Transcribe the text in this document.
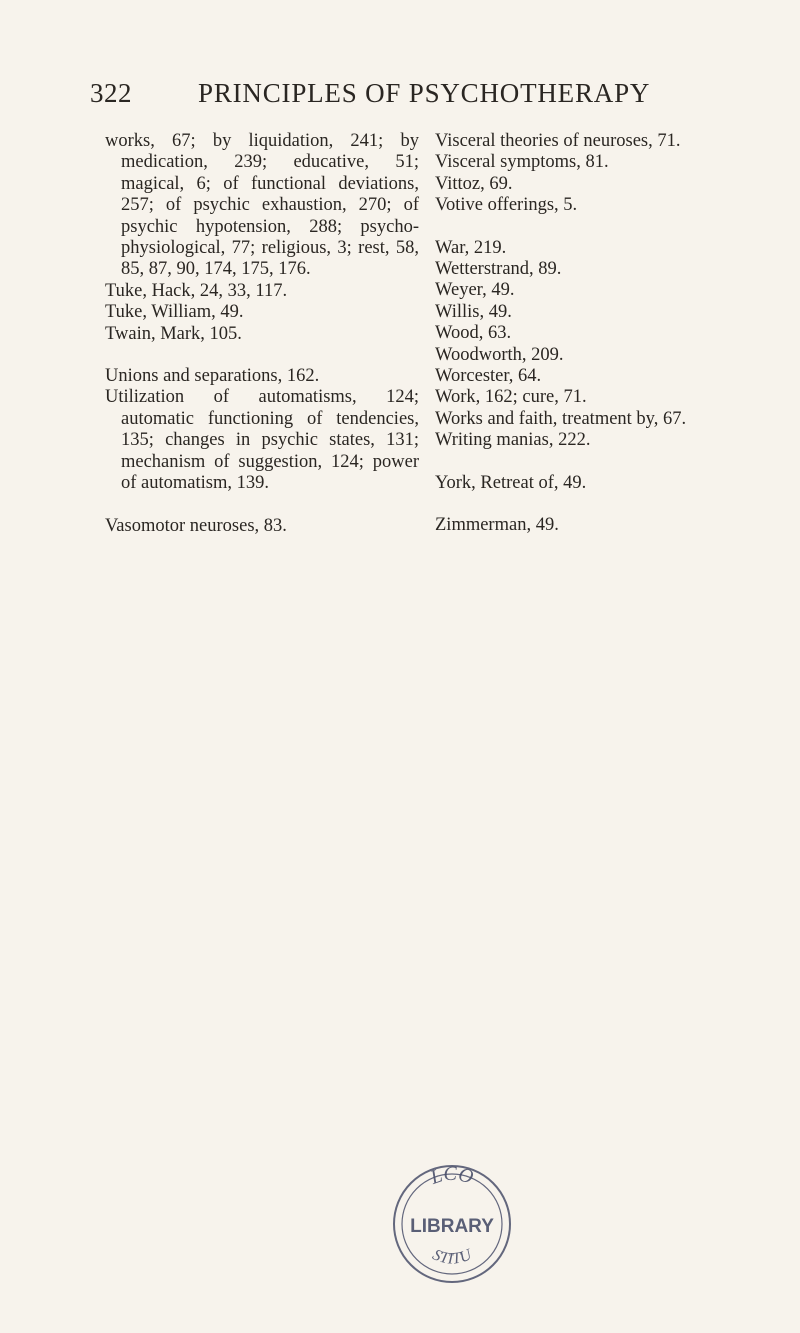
322 PRINCIPLES OF PSYCHOTHERAPY

works, 67; by liquidation, 241; by medication, 239; educative, 51; magical, 6; of functional deviations, 257; of psychic exhaustion, 270; of psychic hypotension, 288; psycho-physiological, 77; religious, 3; rest, 58, 85, 87, 90, 174, 175, 176.

Tuke, Hack, 24, 33, 117.

Tuke, William, 49.

Twain, Mark, 105.

Unions and separations, 162.

Utilization of automatisms, 124; automatic functioning of tendencies, 135; changes in psychic states, 131; mechanism of suggestion, 124; power of automatism, 139.

Vasomotor neuroses, 83.

Visceral theories of neuroses, 71.

Visceral symptoms, 81.

Vittoz, 69.

Votive offerings, 5.

War, 219.

Wetterstrand, 89.

Weyer, 49.

Willis, 49.

Wood, 63.

Woodworth, 209.

Worcester, 64.

Work, 162; cure, 71.

Works and faith, treatment by, 67.

Writing manias, 222.

York, Retreat of, 49.

Zimmerman, 49.

LCO
LIBRARY
STITU
